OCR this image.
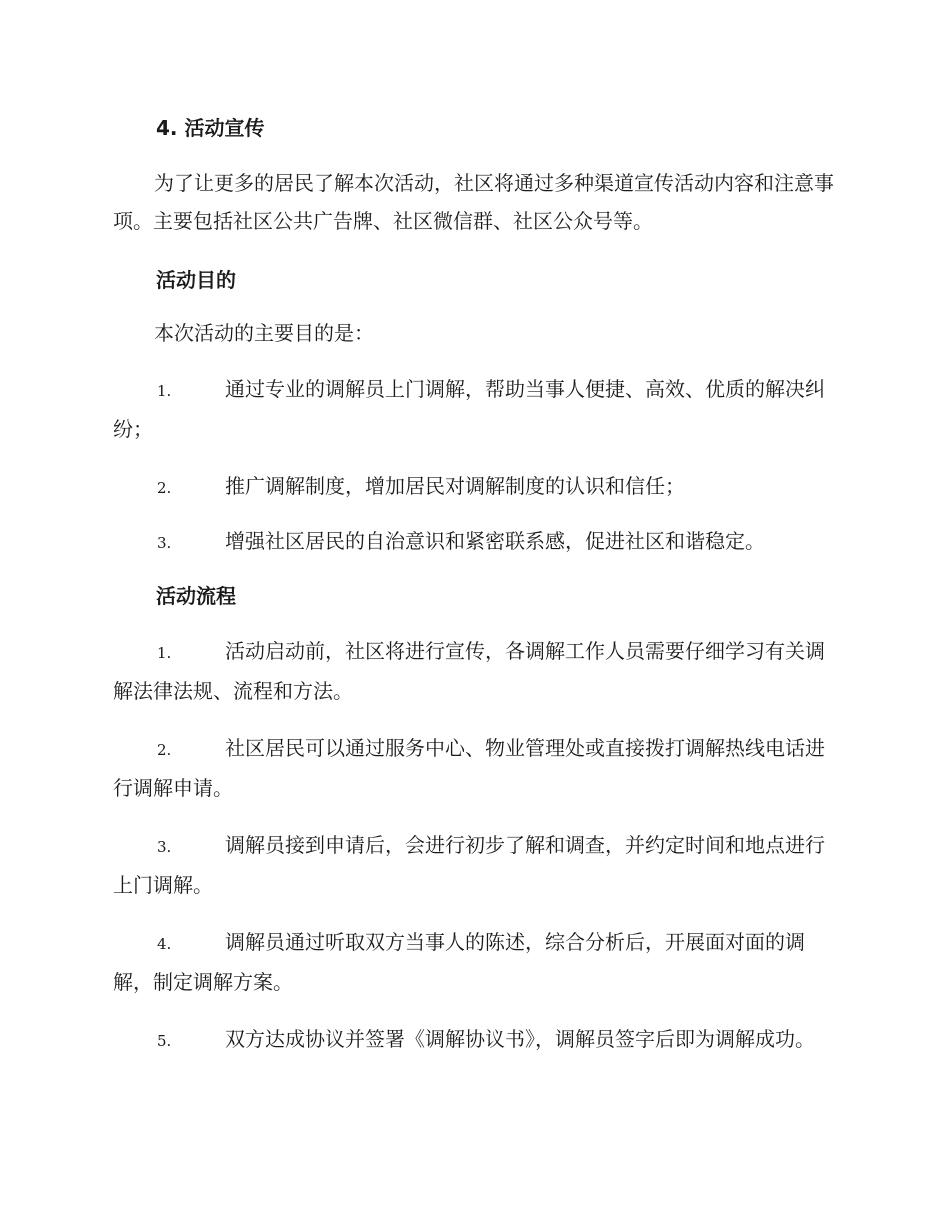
4. 活动宣传

为了让更多的居民了解本次活动，社区将通过多种渠道宣传活动内容和注意事项。主要包括社区公共广告牌、社区微信群、社区公众号等。

活动目的

本次活动的主要目的是：

1.	通过专业的调解员上门调解，帮助当事人便捷、高效、优质的解决纠纷；

2.	推广调解制度，增加居民对调解制度的认识和信任；

3.	增强社区居民的自治意识和紧密联系感，促进社区和谐稳定。

活动流程

1.	活动启动前，社区将进行宣传，各调解工作人员需要仔细学习有关调解法律法规、流程和方法。

2.	社区居民可以通过服务中心、物业管理处或直接拨打调解热线电话进行调解申请。

3.	调解员接到申请后，会进行初步了解和调查，并约定时间和地点进行上门调解。

4.	调解员通过听取双方当事人的陈述，综合分析后，开展面对面的调解，制定调解方案。

5.	双方达成协议并签署《调解协议书》，调解员签字后即为调解成功。
